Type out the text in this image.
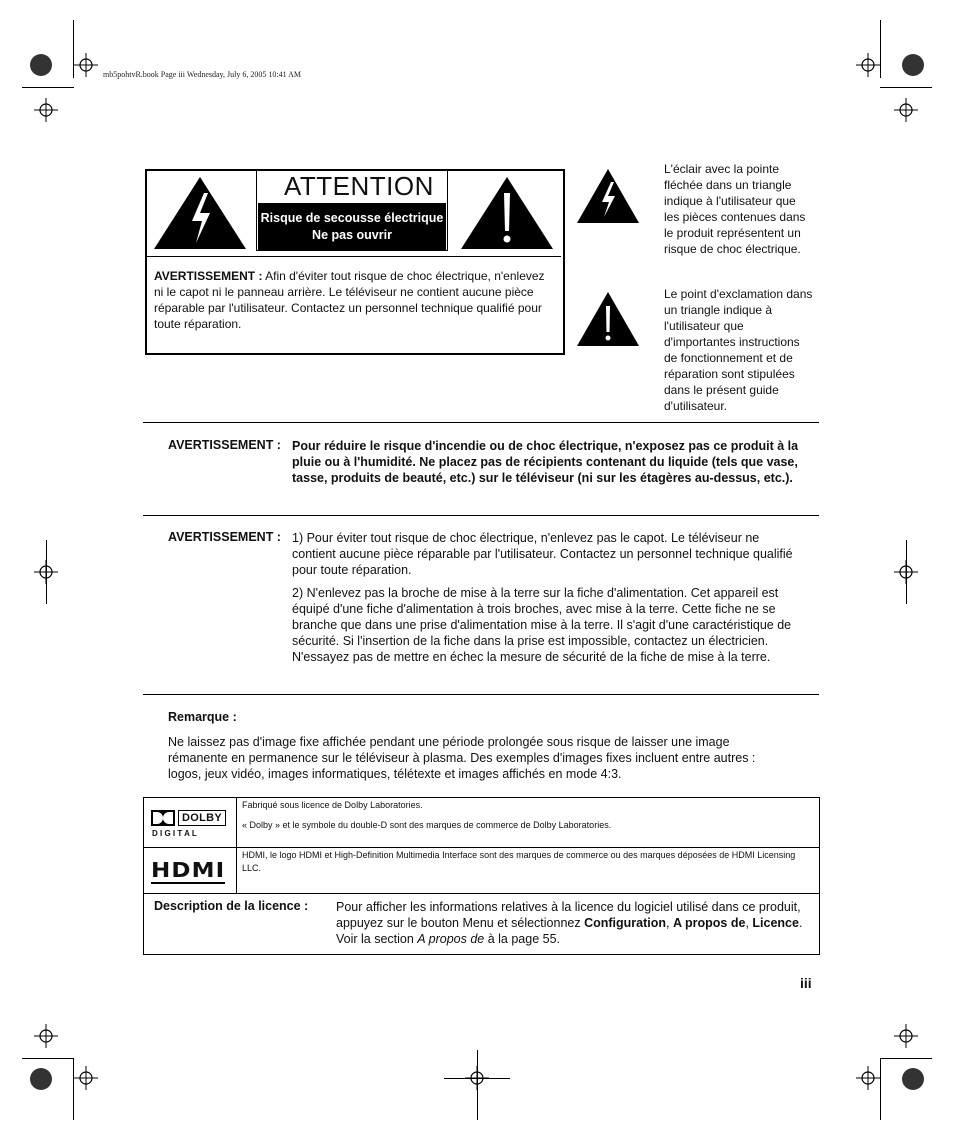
mb5pohtvR.book Page iii Wednesday, July 6, 2005 10:41 AM
ATTENTION
Risque de secousse électrique
Ne pas ouvrir
AVERTISSEMENT : Afin d'éviter tout risque de choc électrique, n'enlevez ni le capot ni le panneau arrière. Le téléviseur ne contient aucune pièce réparable par l'utilisateur. Contactez un personnel technique qualifié pour toute réparation.
L'éclair avec la pointe fléchée dans un triangle indique à l'utilisateur que les pièces contenues dans le produit représentent un risque de choc électrique.
Le point d'exclamation dans un triangle indique à l'utilisateur que d'importantes instructions de fonctionnement et de réparation sont stipulées dans le présent guide d'utilisateur.
AVERTISSEMENT : Pour réduire le risque d'incendie ou de choc électrique, n'exposez pas ce produit à la pluie ou à l'humidité. Ne placez pas de récipients contenant du liquide (tels que vase, tasse, produits de beauté, etc.) sur le téléviseur (ni sur les étagères au-dessus, etc.).
AVERTISSEMENT : 1) Pour éviter tout risque de choc électrique, n'enlevez pas le capot. Le téléviseur ne contient aucune pièce réparable par l'utilisateur. Contactez un personnel technique qualifié pour toute réparation.
2) N'enlevez pas la broche de mise à la terre sur la fiche d'alimentation. Cet appareil est équipé d'une fiche d'alimentation à trois broches, avec mise à la terre. Cette fiche ne se branche que dans une prise d'alimentation mise à la terre. Il s'agit d'une caractéristique de sécurité. Si l'insertion de la fiche dans la prise est impossible, contactez un électricien. N'essayez pas de mettre en échec la mesure de sécurité de la fiche de mise à la terre.
Remarque :
Ne laissez pas d'image fixe affichée pendant une période prolongée sous risque de laisser une image rémanente en permanence sur le téléviseur à plasma. Des exemples d'images fixes incluent entre autres : logos, jeux vidéo, images informatiques, télétexte et images affichés en mode 4:3.
DOLBY
D I G I T A L
Fabriqué sous licence de Dolby Laboratories.
« Dolby » et le symbole du double-D sont des marques de commerce de Dolby Laboratories.
HDMI
HDMI, le logo HDMI et High-Definition Multimedia Interface sont des marques de commerce ou des marques déposées de HDMI Licensing LLC.
Description de la licence : Pour afficher les informations relatives à la licence du logiciel utilisé dans ce produit, appuyez sur le bouton Menu et sélectionnez Configuration, A propos de, Licence. Voir la section A propos de à la page 55.
iii
